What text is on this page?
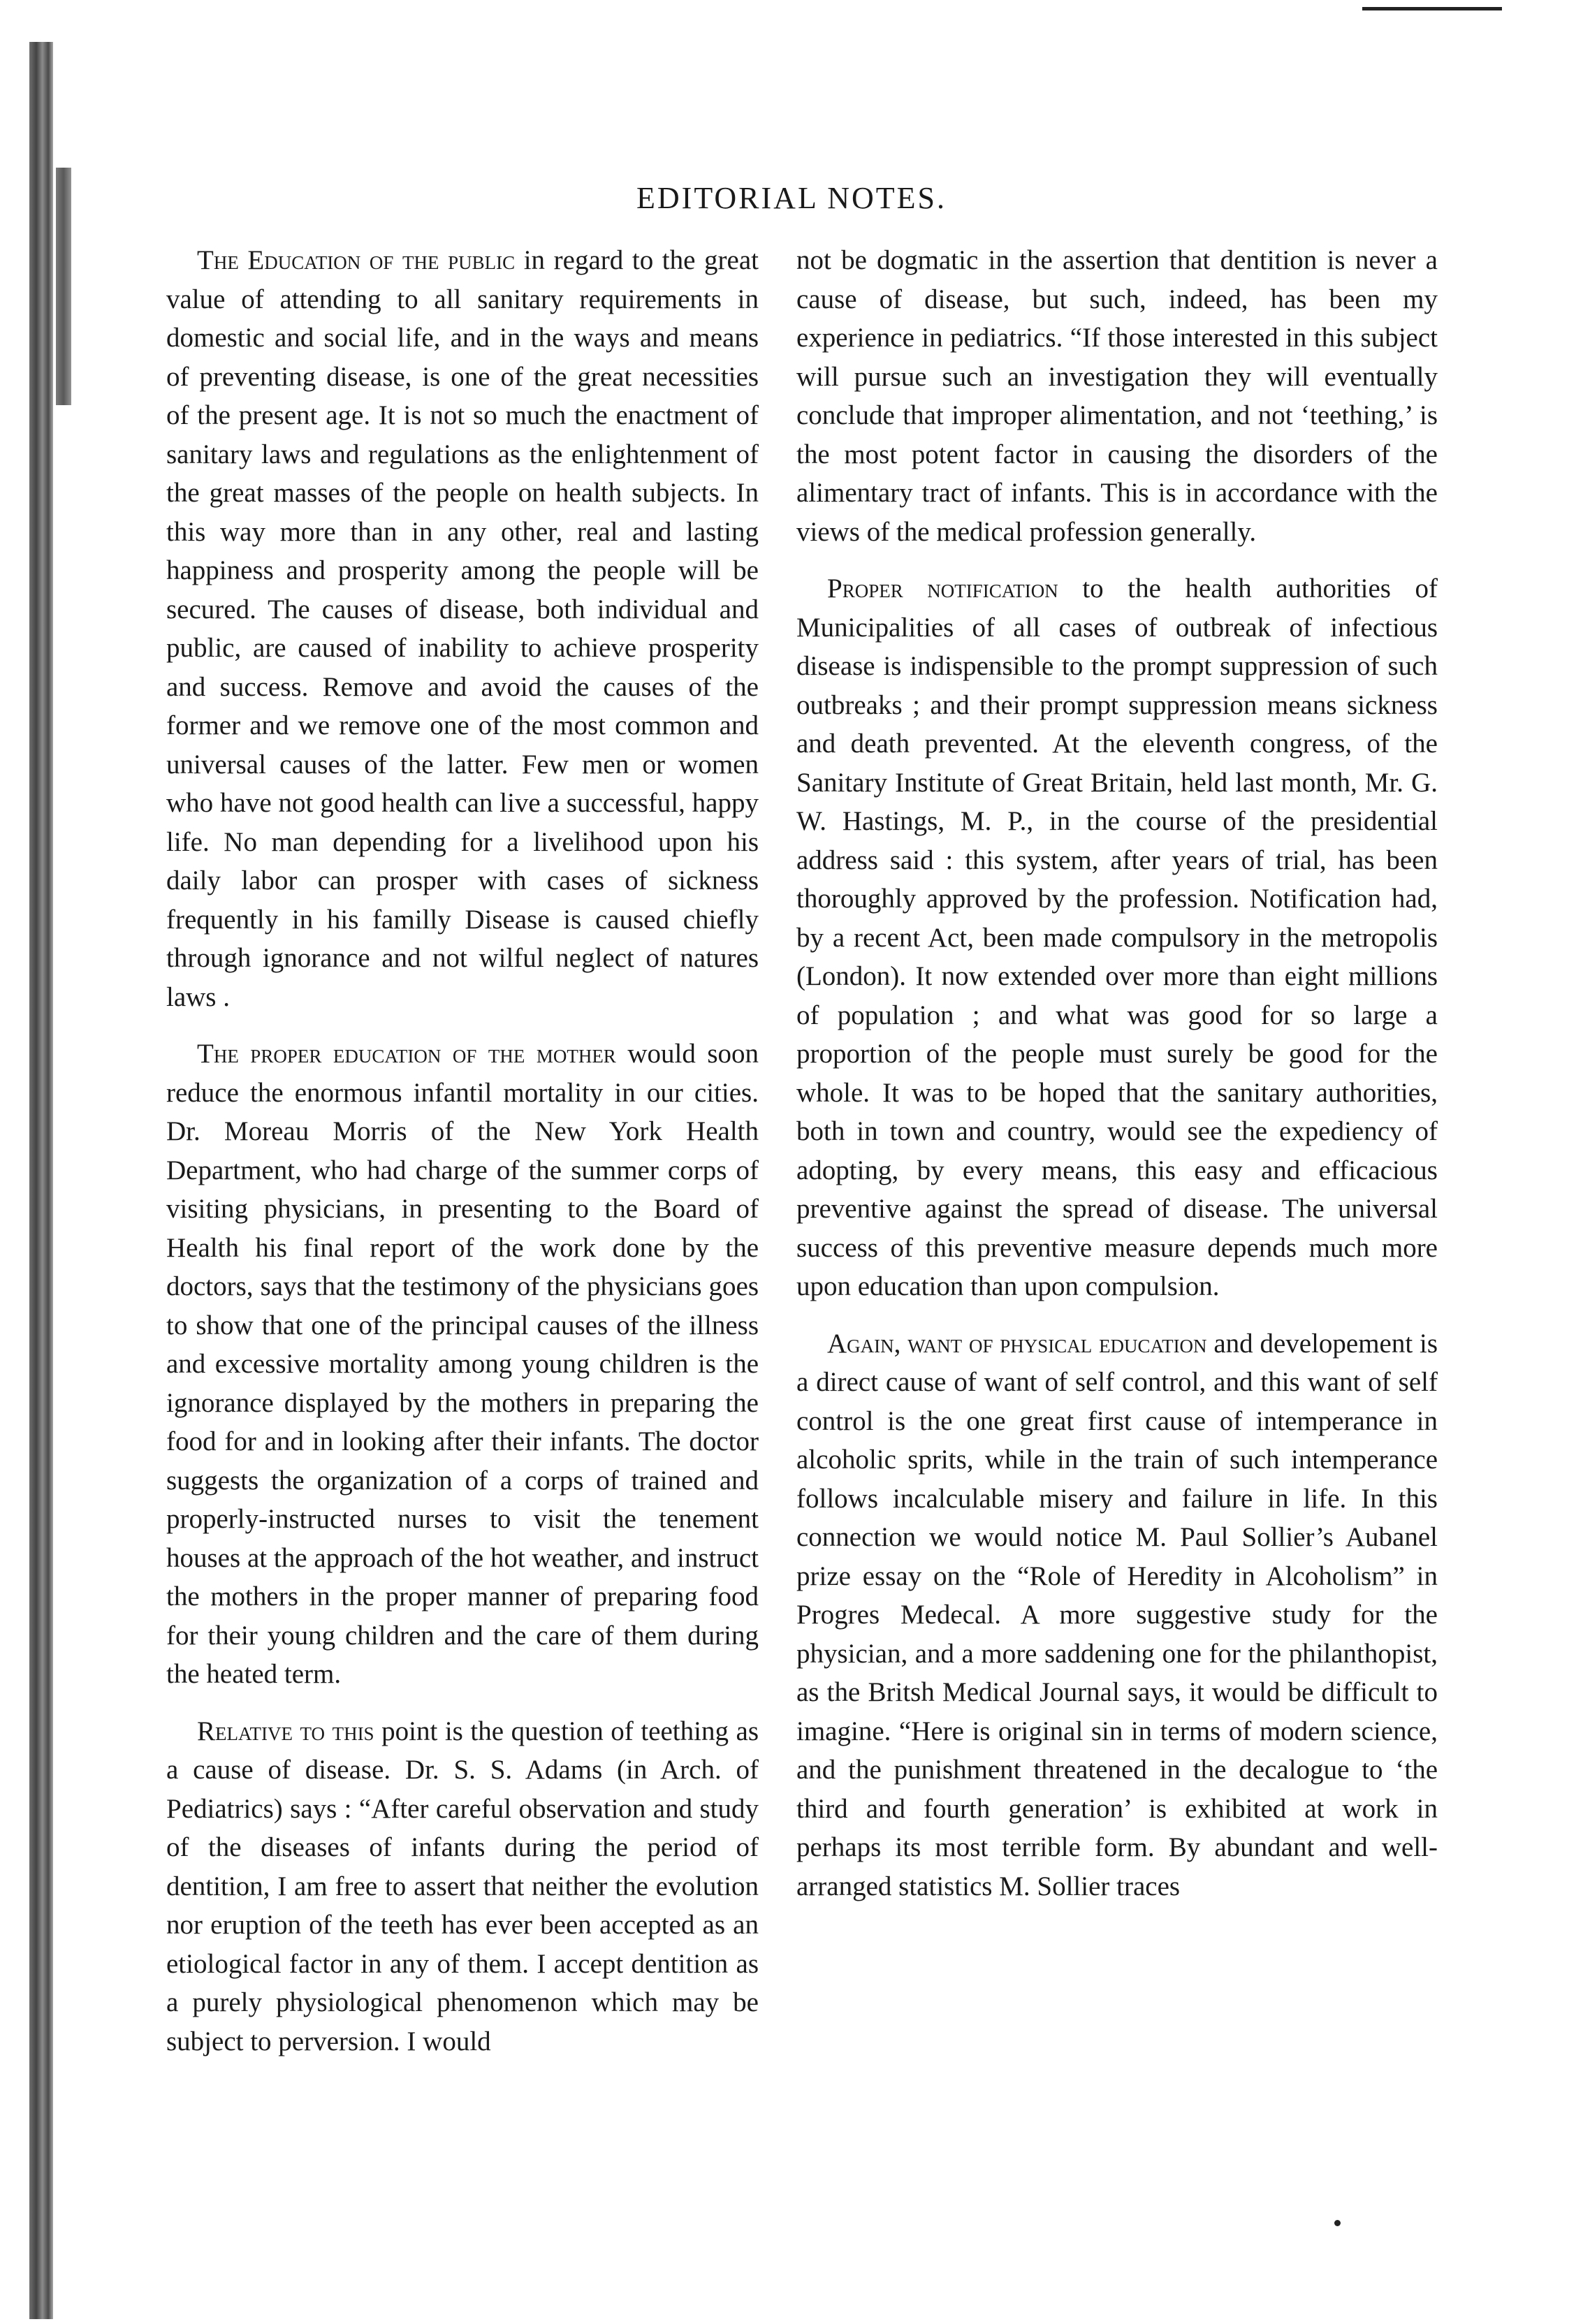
EDITORIAL NOTES.

The Education of the public in regard to the great value of attending to all sanitary requirements in domestic and social life, and in the ways and means of preventing disease, is one of the great necessities of the present age. It is not so much the enactment of sanitary laws and regulations as the enlightenment of the great masses of the people on health subjects. In this way more than in any other, real and lasting happiness and prosperity among the people will be secured. The causes of disease, both individual and public, are caused of inability to achieve prosperity and success. Remove and avoid the causes of the former and we remove one of the most common and universal causes of the latter. Few men or women who have not good health can live a successful, happy life. No man depending for a livelihood upon his daily labor can prosper with cases of sickness frequently in his familly Disease is caused chiefly through ignorance and not wilful neglect of natures laws .

The proper education of the mother would soon reduce the enormous infantil mortality in our cities. Dr. Moreau Morris of the New York Health Department, who had charge of the summer corps of visiting physicians, in presenting to the Board of Health his final report of the work done by the doctors, says that the testimony of the physicians goes to show that one of the principal causes of the illness and excessive mortality among young children is the ignorance displayed by the mothers in preparing the food for and in looking after their infants. The doctor suggests the organization of a corps of trained and properly-instructed nurses to visit the tenement houses at the approach of the hot weather, and instruct the mothers in the proper manner of preparing food for their young children and the care of them during the heated term.

Relative to this point is the question of teething as a cause of disease. Dr. S. S. Adams (in Arch. of Pediatrics) says : “After careful observation and study of the diseases of infants during the period of dentition, I am free to assert that neither the evolution nor eruption of the teeth has ever been accepted as an etiological factor in any of them. I accept dentition as a purely physiological phenomenon which may be subject to perversion. I would

not be dogmatic in the assertion that dentition is never a cause of disease, but such, indeed, has been my experience in pediatrics. “If those interested in this subject will pursue such an investigation they will eventually conclude that improper alimentation, and not ‘teething,’ is the most potent factor in causing the disorders of the alimentary tract of infants. This is in accordance with the views of the medical profession generally.

Proper notification to the health authorities of Municipalities of all cases of outbreak of infectious disease is indispensible to the prompt suppression of such outbreaks ; and their prompt suppression means sickness and death prevented. At the eleventh congress, of the Sanitary Institute of Great Britain, held last month, Mr. G. W. Hastings, M. P., in the course of the presidential address said : this system, after years of trial, has been thoroughly approved by the profession. Notification had, by a recent Act, been made compulsory in the metropolis (London). It now extended over more than eight millions of population ; and what was good for so large a proportion of the people must surely be good for the whole. It was to be hoped that the sanitary authorities, both in town and country, would see the expediency of adopting, by every means, this easy and efficacious preventive against the spread of disease. The universal success of this preventive measure depends much more upon education than upon compulsion.

Again, want of physical education and developement is a direct cause of want of self control, and this want of self control is the one great first cause of intemperance in alcoholic sprits, while in the train of such intemperance follows incalculable misery and failure in life. In this connection we would notice M. Paul Sollier’s Aubanel prize essay on the “Role of Heredity in Alcoholism” in Progres Medecal. A more suggestive study for the physician, and a more saddening one for the philanthopist, as the Britsh Medical Journal says, it would be difficult to imagine. “Here is original sin in terms of modern science, and the punishment threatened in the decalogue to ‘the third and fourth generation’ is exhibited at work in perhaps its most terrible form. By abundant and well-arranged statistics M. Sollier traces
